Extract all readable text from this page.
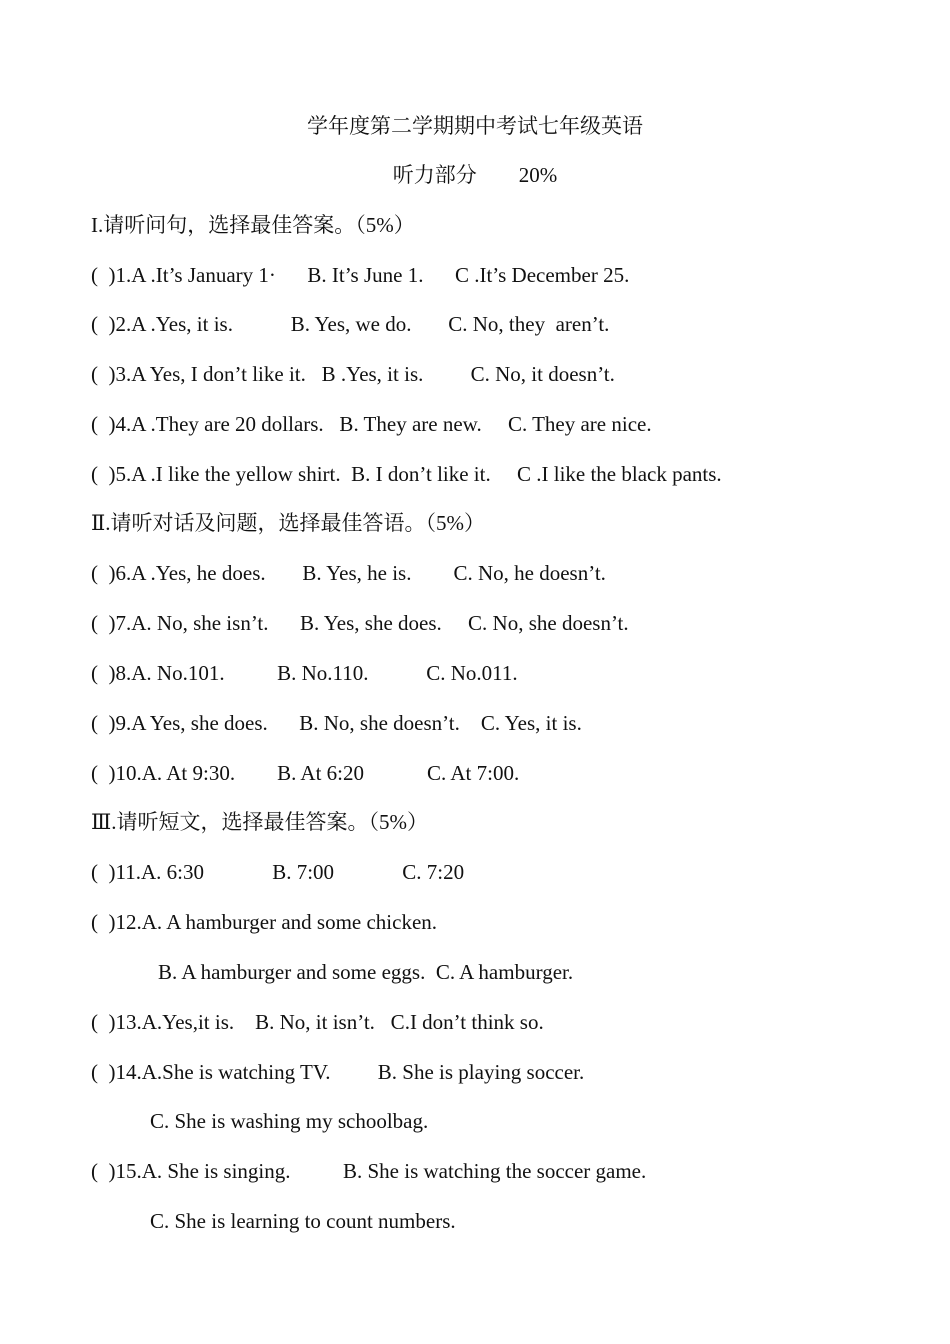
学年度第二学期期中考试七年级英语
听力部分        20%
I.请听问句，选择最佳答案。（5%）
(  )1.A .It’s January 1·      B. It’s June 1.      C .It’s December 25.
(  )2.A .Yes, it is.           B. Yes, we do.       C. No, they  aren’t.
(  )3.A Yes, I don’t like it.   B .Yes, it is.         C. No, it doesn’t.
(  )4.A .They are 20 dollars.   B. They are new.     C. They are nice.
(  )5.A .I like the yellow shirt.  B. I don’t like it.     C .I like the black pants.
Ⅱ.请听对话及问题，选择最佳答语。（5%）
(  )6.A .Yes, he does.       B. Yes, he is.        C. No, he doesn’t.
(  )7.A. No, she isn’t.      B. Yes, she does.     C. No, she doesn’t.
(  )8.A. No.101.          B. No.110.           C. No.011.
(  )9.A Yes, she does.      B. No, she doesn’t.    C. Yes, it is.
(  )10.A. At 9:30.        B. At 6:20            C. At 7:00.
Ⅲ.请听短文，选择最佳答案。（5%）
(  )11.A. 6:30             B. 7:00             C. 7:20
(  )12.A. A hamburger and some chicken.
B. A hamburger and some eggs.  C. A hamburger.
(  )13.A.Yes,it is.    B. No, it isn’t.   C.I don’t think so.
(  )14.A.She is watching TV.         B. She is playing soccer.
C. She is washing my schoolbag.
(  )15.A. She is singing.          B. She is watching the soccer game.
C. She is learning to count numbers.
